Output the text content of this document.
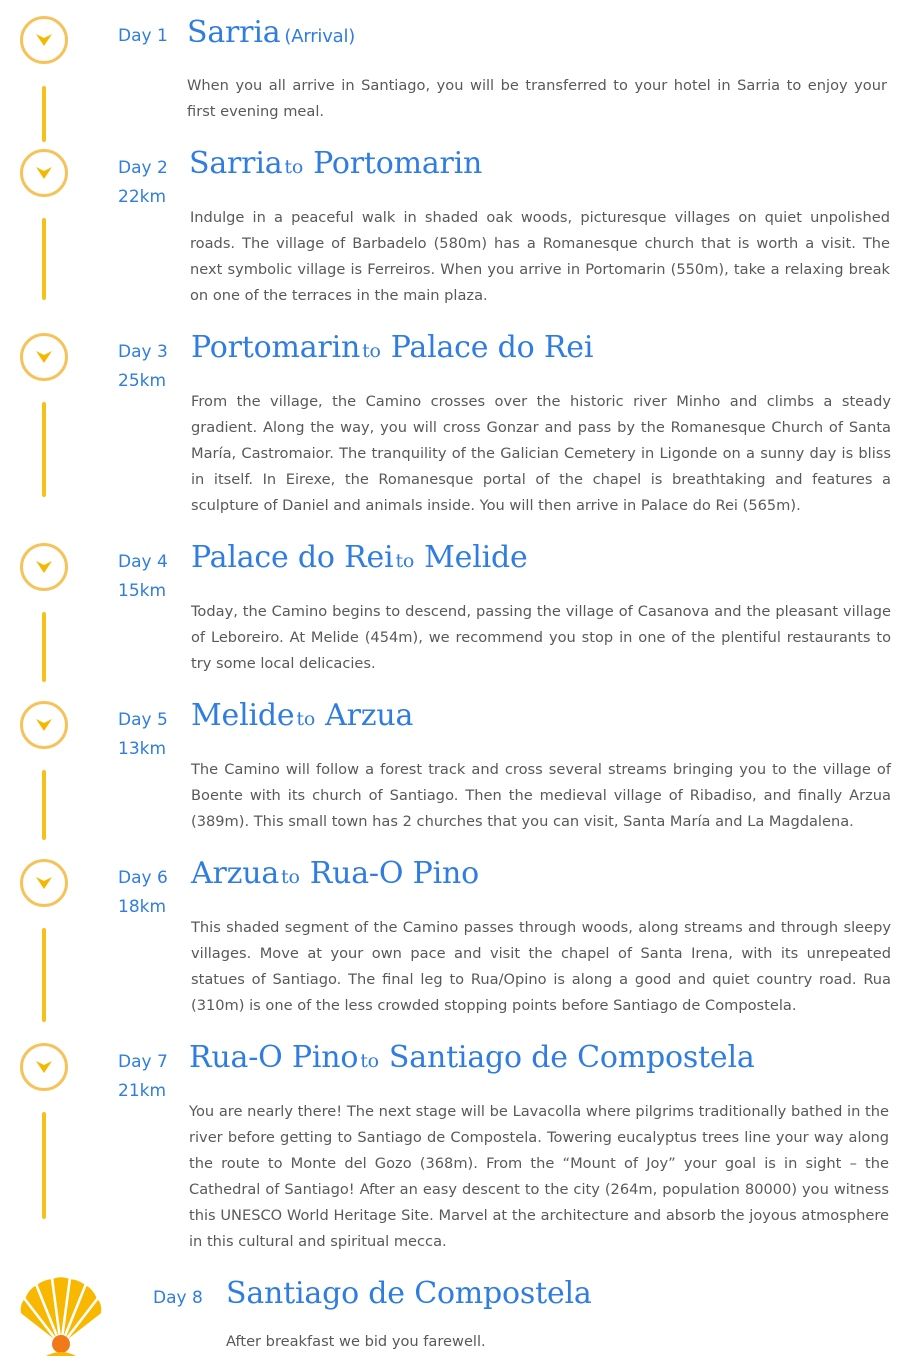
Day 1 Sarria (Arrival)

When you all arrive in Santiago, you will be transferred to your hotel in Sarria to enjoy your first evening meal.

Day 2
22km
Sarria to Portomarin

Indulge in a peaceful walk in shaded oak woods, picturesque villages on quiet unpolished roads. The village of Barbadelo (580m) has a Romanesque church that is worth a visit. The next symbolic village is Ferreiros. When you arrive in Portomarin (550m), take a relaxing break on one of the terraces in the main plaza.

Day 3
25km
Portomarin to Palace do Rei

From the village, the Camino crosses over the historic river Minho and climbs a steady gradient. Along the way, you will cross Gonzar and pass by the Romanesque Church of Santa María, Castromaior. The tranquility of the Galician Cemetery in Ligonde on a sunny day is bliss in itself. In Eirexe, the Romanesque portal of the chapel is breathtaking and features a sculpture of Daniel and animals inside. You will then arrive in Palace do Rei (565m).

Day 4
15km
Palace do Rei to Melide

Today, the Camino begins to descend, passing the village of Casanova and the pleasant village of Leboreiro. At Melide (454m), we recommend you stop in one of the plentiful restaurants to try some local delicacies.

Day 5
13km
Melide to Arzua

The Camino will follow a forest track and cross several streams bringing you to the village of Boente with its church of Santiago. Then the medieval village of Ribadiso, and finally Arzua (389m). This small town has 2 churches that you can visit, Santa María and La Magdalena.

Day 6
18km
Arzua to Rua-O Pino

This shaded segment of the Camino passes through woods, along streams and through sleepy villages. Move at your own pace and visit the chapel of Santa Irena, with its unrepeated statues of Santiago. The final leg to Rua/Opino is along a good and quiet country road. Rua (310m) is one of the less crowded stopping points before Santiago de Compostela.

Day 7
21km
Rua-O Pino to Santiago de Compostela

You are nearly there! The next stage will be Lavacolla where pilgrims traditionally bathed in the river before getting to Santiago de Compostela. Towering eucalyptus trees line your way along the route to Monte del Gozo (368m). From the “Mount of Joy” your goal is in sight – the Cathedral of Santiago! After an easy descent to the city (264m, population 80000) you witness this UNESCO World Heritage Site. Marvel at the architecture and absorb the joyous atmosphere in this cultural and spiritual mecca.

Day 8 Santiago de Compostela

After breakfast we bid you farewell.
